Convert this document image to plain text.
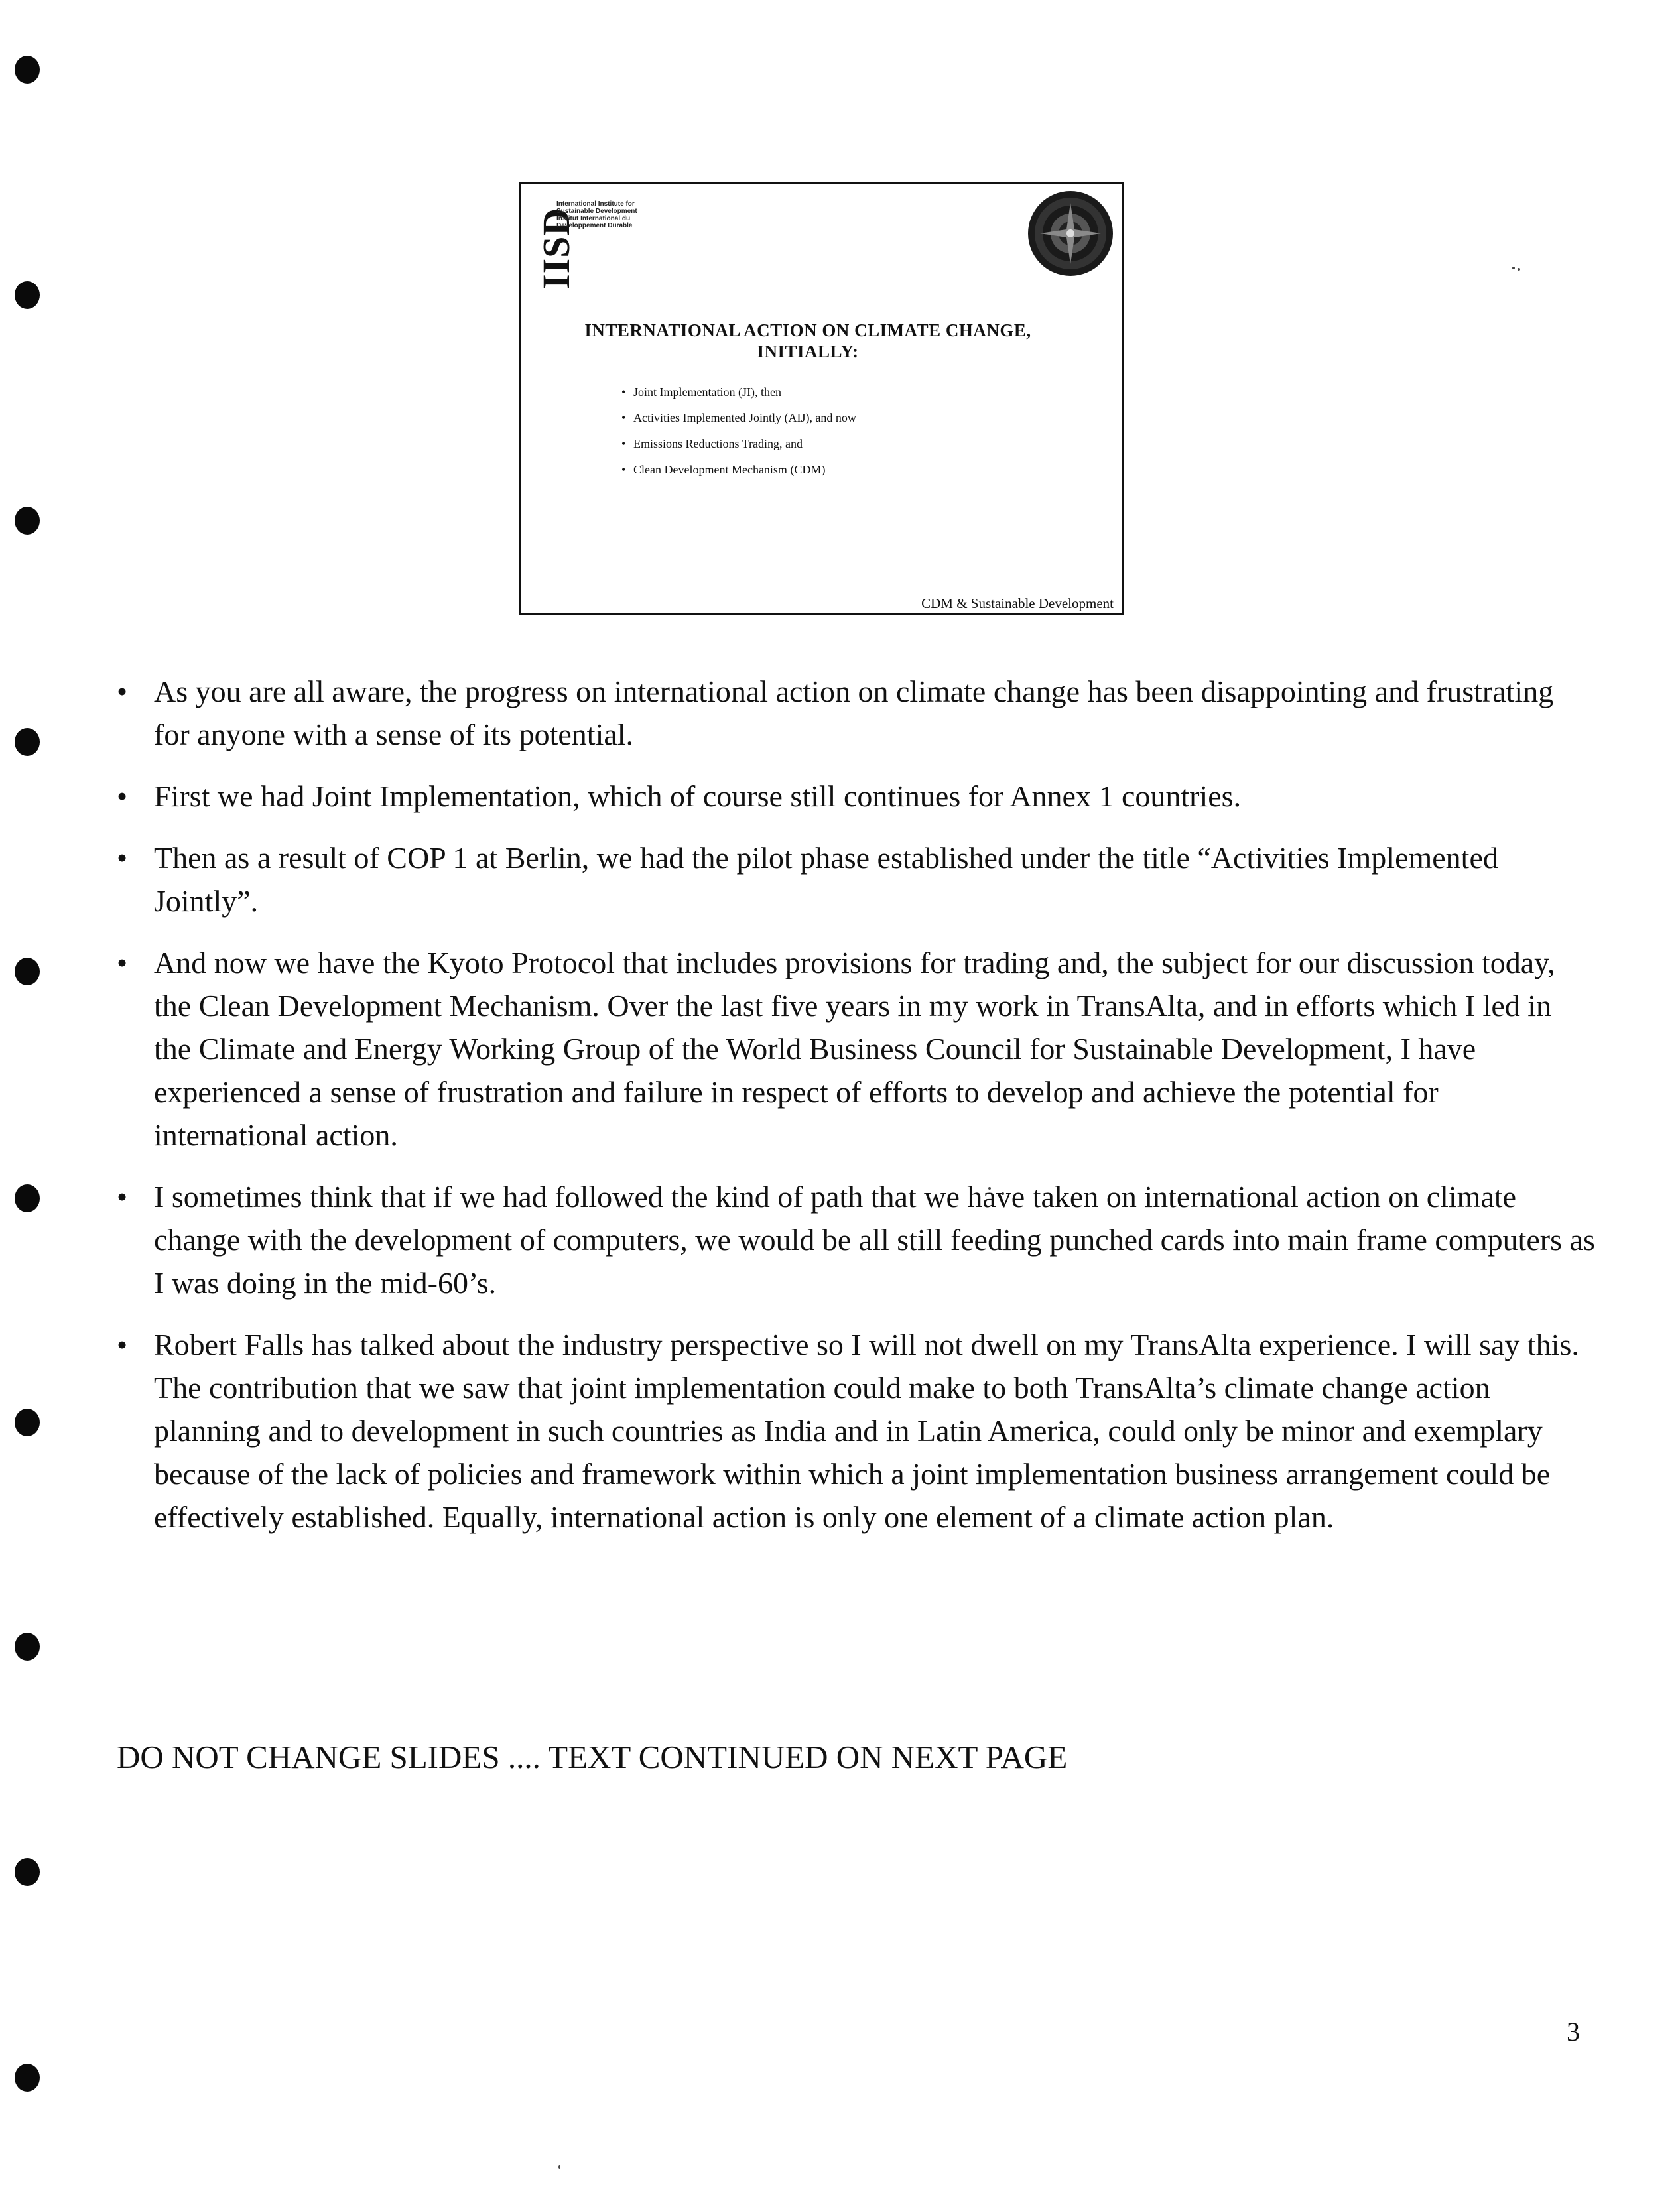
IISD
International Institute for
Sustainable Development
Institut International du
Developpement Durable
INTERNATIONAL ACTION ON CLIMATE CHANGE,
INITIALLY:
• Joint Implementation (JI), then
• Activities Implemented Jointly (AIJ), and now
• Emissions Reductions Trading, and
• Clean Development Mechanism (CDM)
CDM & Sustainable Development
• As you are all aware, the progress on international action on climate change has been disappointing and frustrating for anyone with a sense of its potential.
• First we had Joint Implementation, which of course still continues for Annex 1 countries.
• Then as a result of COP 1 at Berlin, we had the pilot phase established under the title “Activities Implemented Jointly”.
• And now we have the Kyoto Protocol that includes provisions for trading and, the subject for our discussion today, the Clean Development Mechanism. Over the last five years in my work in TransAlta, and in efforts which I led in the Climate and Energy Working Group of the World Business Council for Sustainable Development, I have experienced a sense of frustration and failure in respect of efforts to develop and achieve the potential for international action.
• I sometimes think that if we had followed the kind of path that we have taken on international action on climate change with the development of computers, we would be all still feeding punched cards into main frame computers as I was doing in the mid-60’s.
• Robert Falls has talked about the industry perspective so I will not dwell on my TransAlta experience. I will say this. The contribution that we saw that joint implementation could make to both TransAlta’s climate change action planning and to development in such countries as India and in Latin America, could only be minor and exemplary because of the lack of policies and framework within which a joint implementation business arrangement could be effectively established. Equally, international action is only one element of a climate action plan.
DO NOT CHANGE SLIDES .... TEXT CONTINUED ON NEXT PAGE
3
